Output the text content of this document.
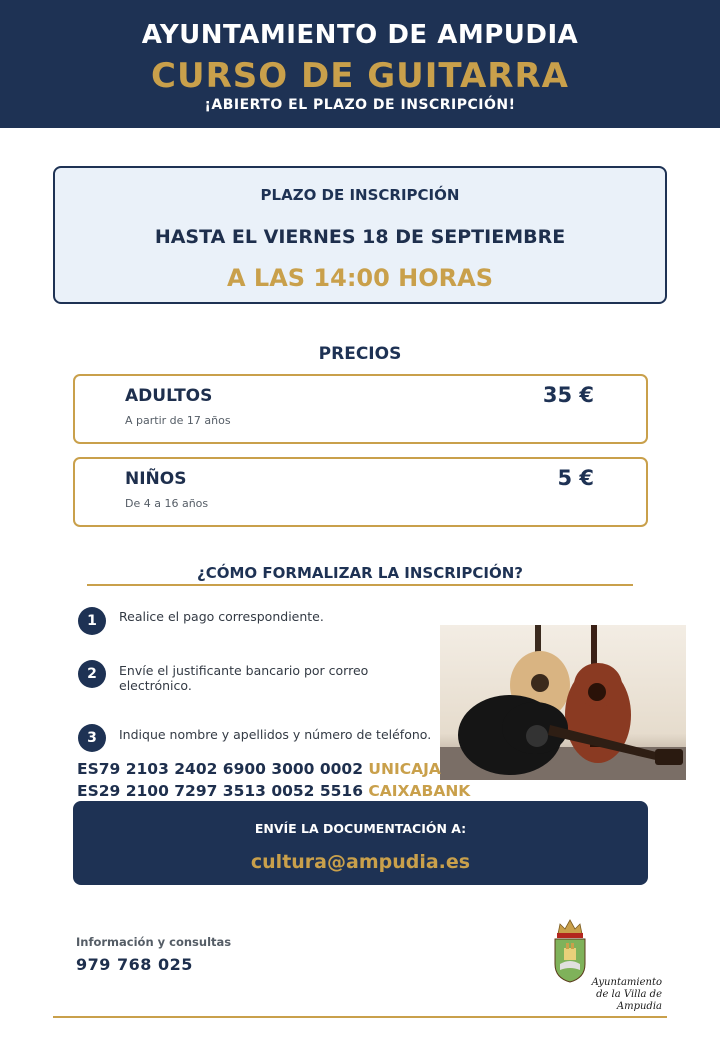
AYUNTAMIENTO DE AMPUDIA
CURSO DE GUITARRA
¡ABIERTO EL PLAZO DE INSCRIPCIÓN!
PLAZO DE INSCRIPCIÓN
HASTA EL VIERNES 18 DE SEPTIEMBRE
A LAS 14:00 HORAS
PRECIOS
ADULTOS
A partir de 17 años
35 €
NIÑOS
De 4 a 16 años
5 €
¿CÓMO FORMALIZAR LA INSCRIPCIÓN?
1	Realice el pago correspondiente.
2	Envíe el justificante bancario por correo electrónico.
3	Indique nombre y apellidos y número de teléfono.
ES79 2103 2402 6900 3000 0002 UNICAJA
ES29 2100 7297 3513 0052 5516 CAIXABANK
ENVÍE LA DOCUMENTACIÓN A:
cultura@ampudia.es
Información y consultas
979 768 025
Ayuntamiento
de la Villa de Ampudia
